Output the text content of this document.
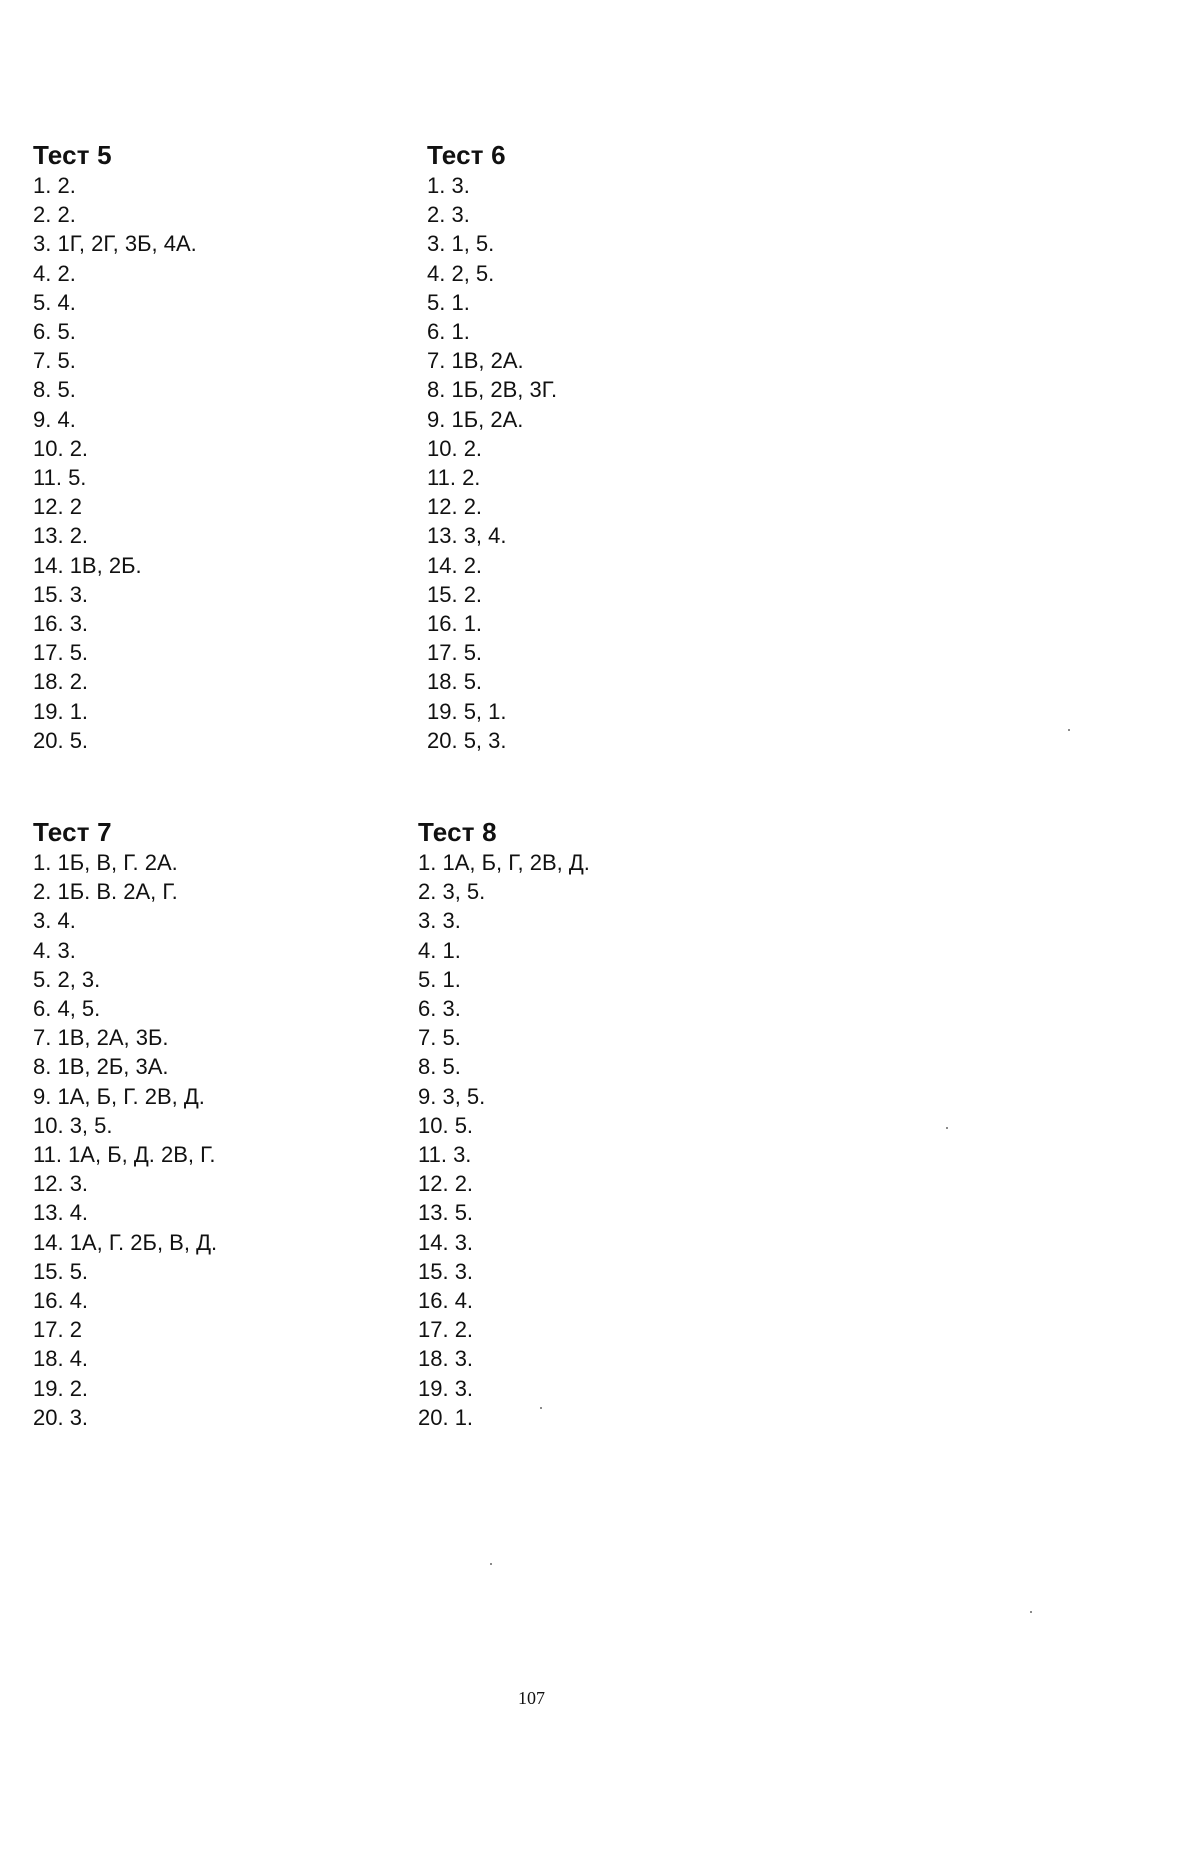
Тест 5
1. 2.
2. 2.
3. 1Г, 2Г, 3Б, 4А.
4. 2.
5. 4.
6. 5.
7. 5.
8. 5.
9. 4.
10. 2.
11. 5.
12. 2
13. 2.
14. 1В, 2Б.
15. 3.
16. 3.
17. 5.
18. 2.
19. 1.
20. 5.
Тест 6
1. 3.
2. 3.
3. 1, 5.
4. 2, 5.
5. 1.
6. 1.
7. 1В, 2А.
8. 1Б, 2В, 3Г.
9. 1Б, 2А.
10. 2.
11. 2.
12. 2.
13. 3, 4.
14. 2.
15. 2.
16. 1.
17. 5.
18. 5.
19. 5, 1.
20. 5, 3.
Тест 7
1. 1Б, В, Г. 2А.
2. 1Б. В. 2А, Г.
3. 4.
4. 3.
5. 2, 3.
6. 4, 5.
7. 1В, 2А, 3Б.
8. 1В, 2Б, 3А.
9. 1А, Б, Г. 2В, Д.
10. 3, 5.
11. 1А, Б, Д. 2В, Г.
12. 3.
13. 4.
14. 1А, Г. 2Б, В, Д.
15. 5.
16. 4.
17. 2
18. 4.
19. 2.
20. 3.
Тест 8
1. 1А, Б, Г, 2В, Д.
2. 3, 5.
3. 3.
4. 1.
5. 1.
6. 3.
7. 5.
8. 5.
9. 3, 5.
10. 5.
11. 3.
12. 2.
13. 5.
14. 3.
15. 3.
16. 4.
17. 2.
18. 3.
19. 3.
20. 1.
107
